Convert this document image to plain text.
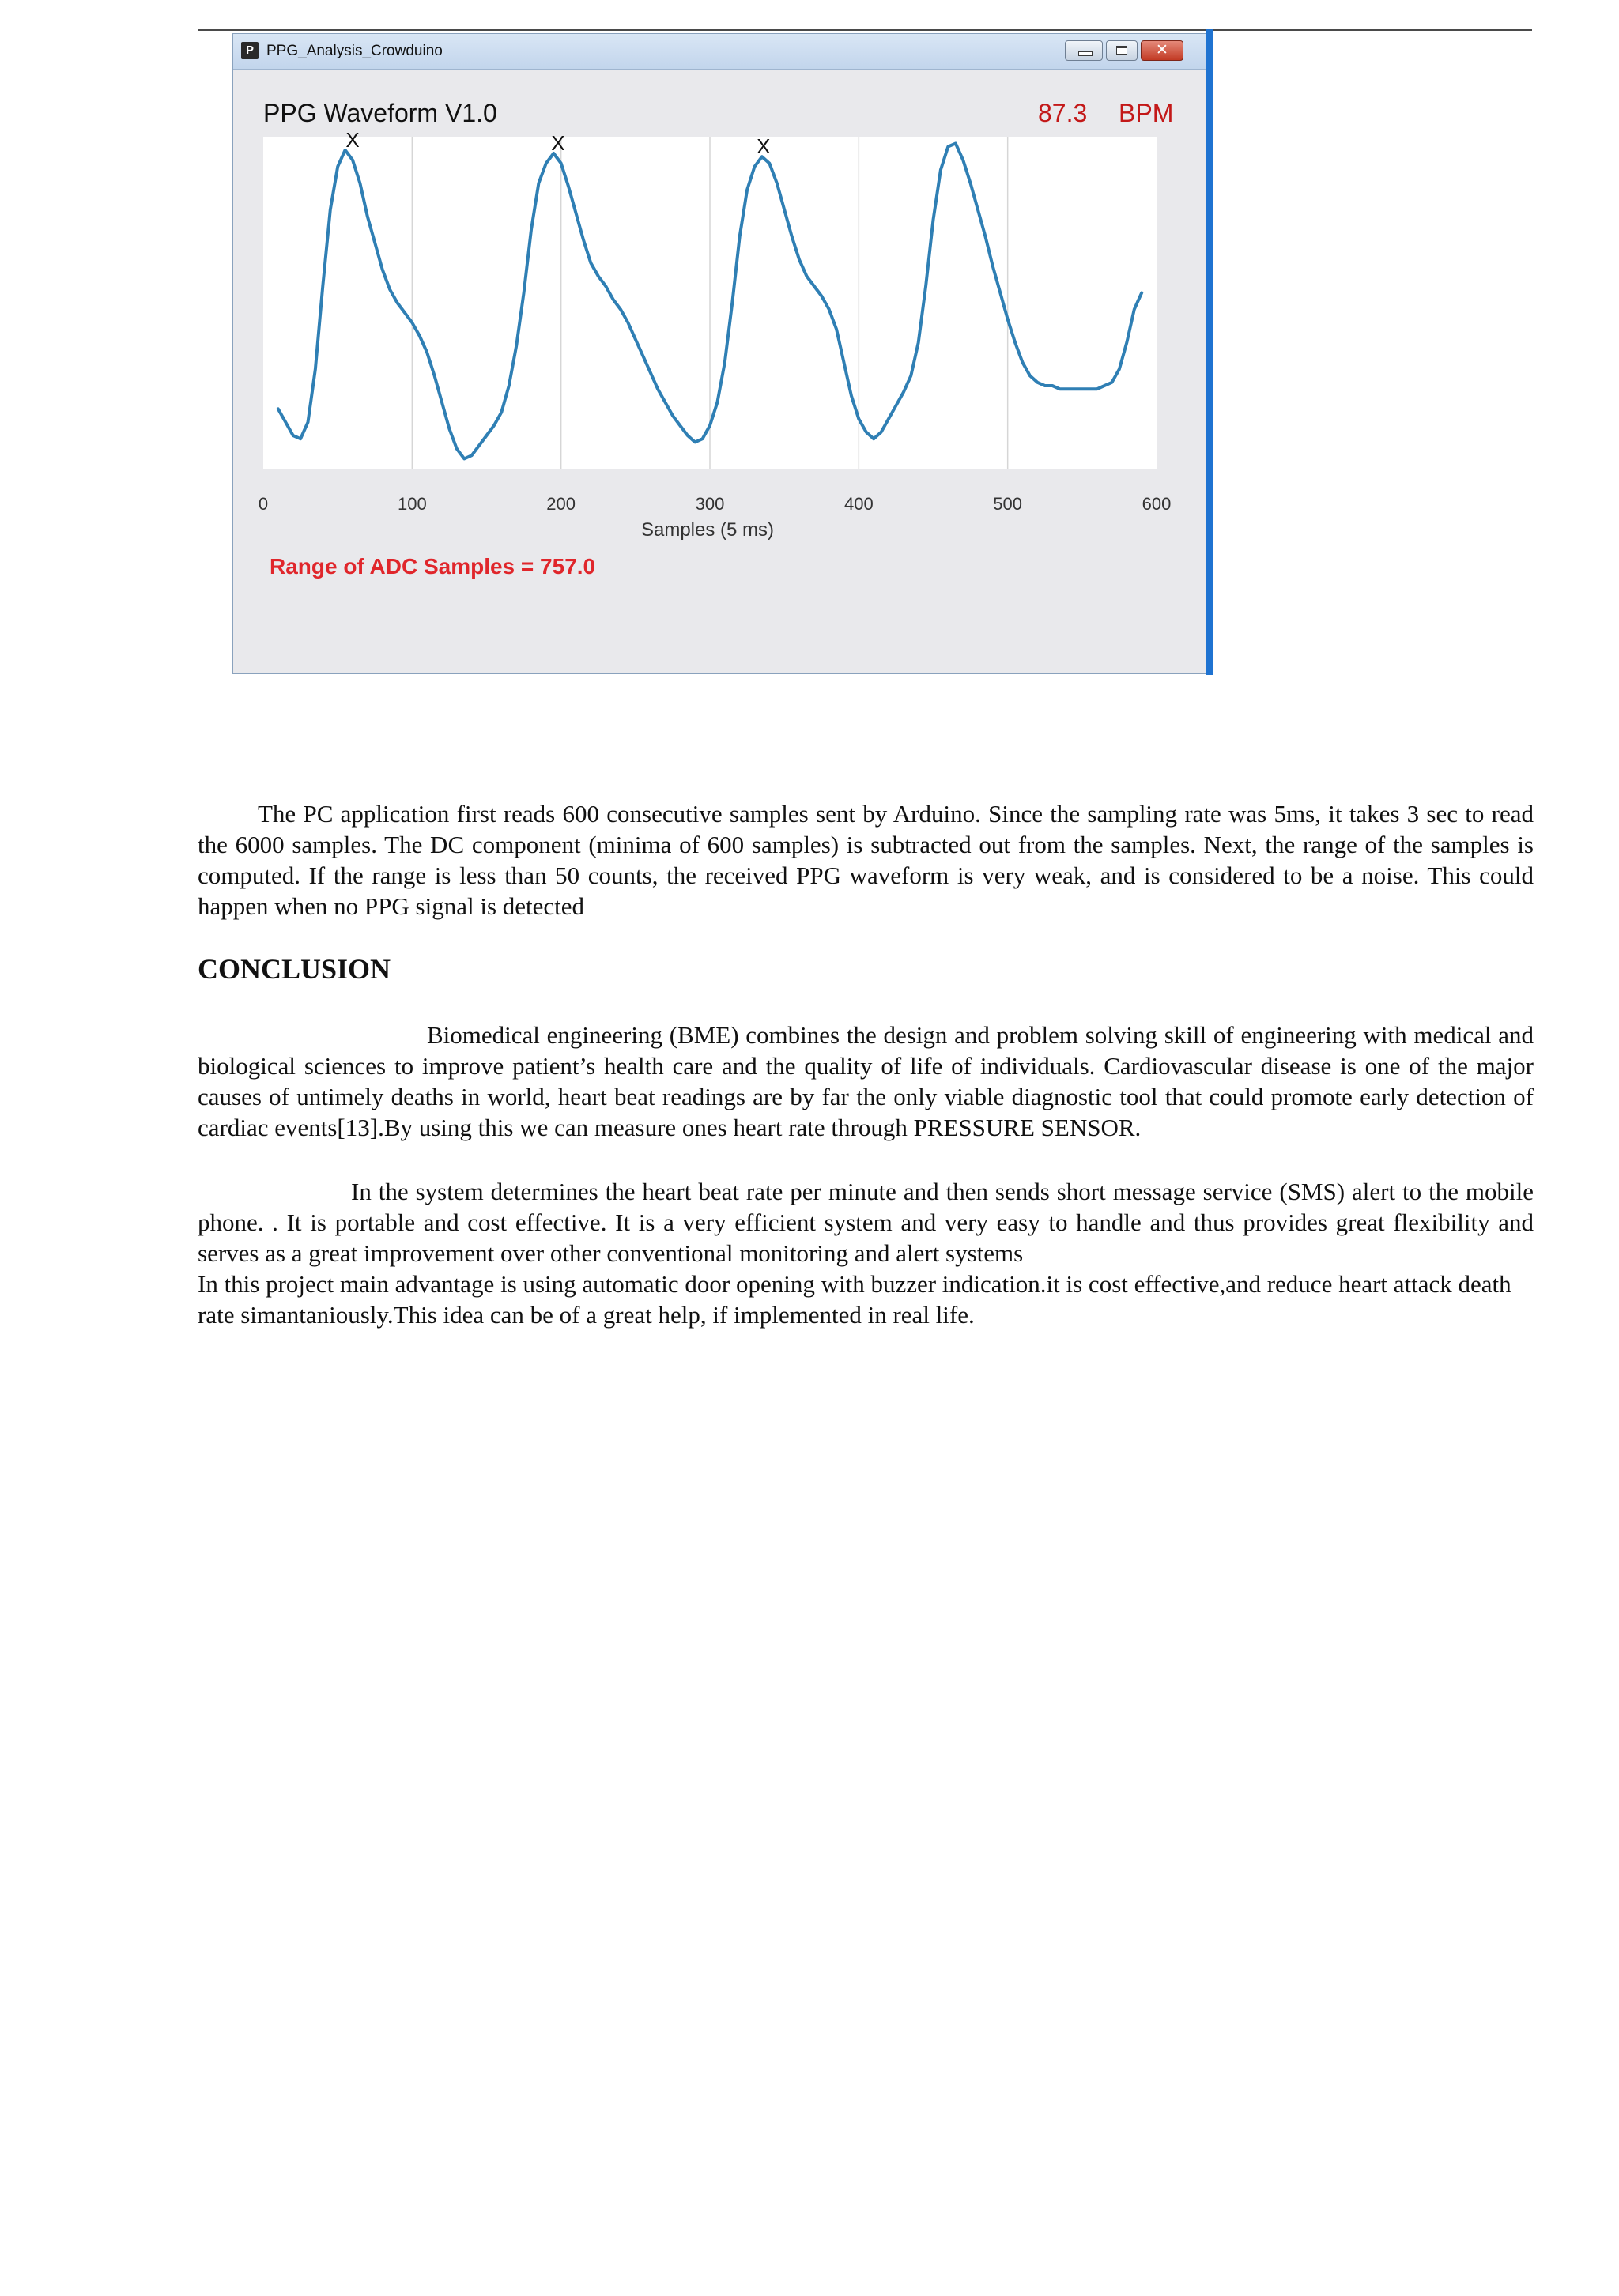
P PPG_Analysis_Crowduino	✕
PPG Waveform V1.0	87.3 BPM
0	100	200	300	400	500	600
X	X	X
Samples (5 ms)
Range of ADC Samples = 757.0
The PC application first reads 600 consecutive samples sent by Arduino. Since the sampling rate was 5ms, it takes 3 sec to read the 6000 samples. The DC component (minima of 600 samples) is subtracted out from the samples. Next, the range of the samples is computed. If the range is less than 50 counts, the received PPG waveform is very weak, and is considered to be a noise. This could happen when no PPG signal is detected
CONCLUSION
Biomedical engineering (BME) combines the design and problem solving skill of engineering with medical and biological sciences to improve patient’s health care and the quality of life of individuals. Cardiovascular disease is one of the major causes of untimely deaths in world, heart beat readings are by far the only viable diagnostic tool that could promote early detection of cardiac events[13].By using this we can measure ones heart rate through PRESSURE SENSOR.
In the system determines the heart beat rate per minute and then sends short message service (SMS) alert to the mobile phone. . It is portable and cost effective. It is a very efficient system and very easy to handle and thus provides great flexibility and serves as a great improvement over other conventional monitoring and alert systems
In this project main advantage is using automatic door opening with buzzer indication.it is cost effective,and reduce heart attack death rate simantaniously.This idea can be of a great help, if implemented in real life.
